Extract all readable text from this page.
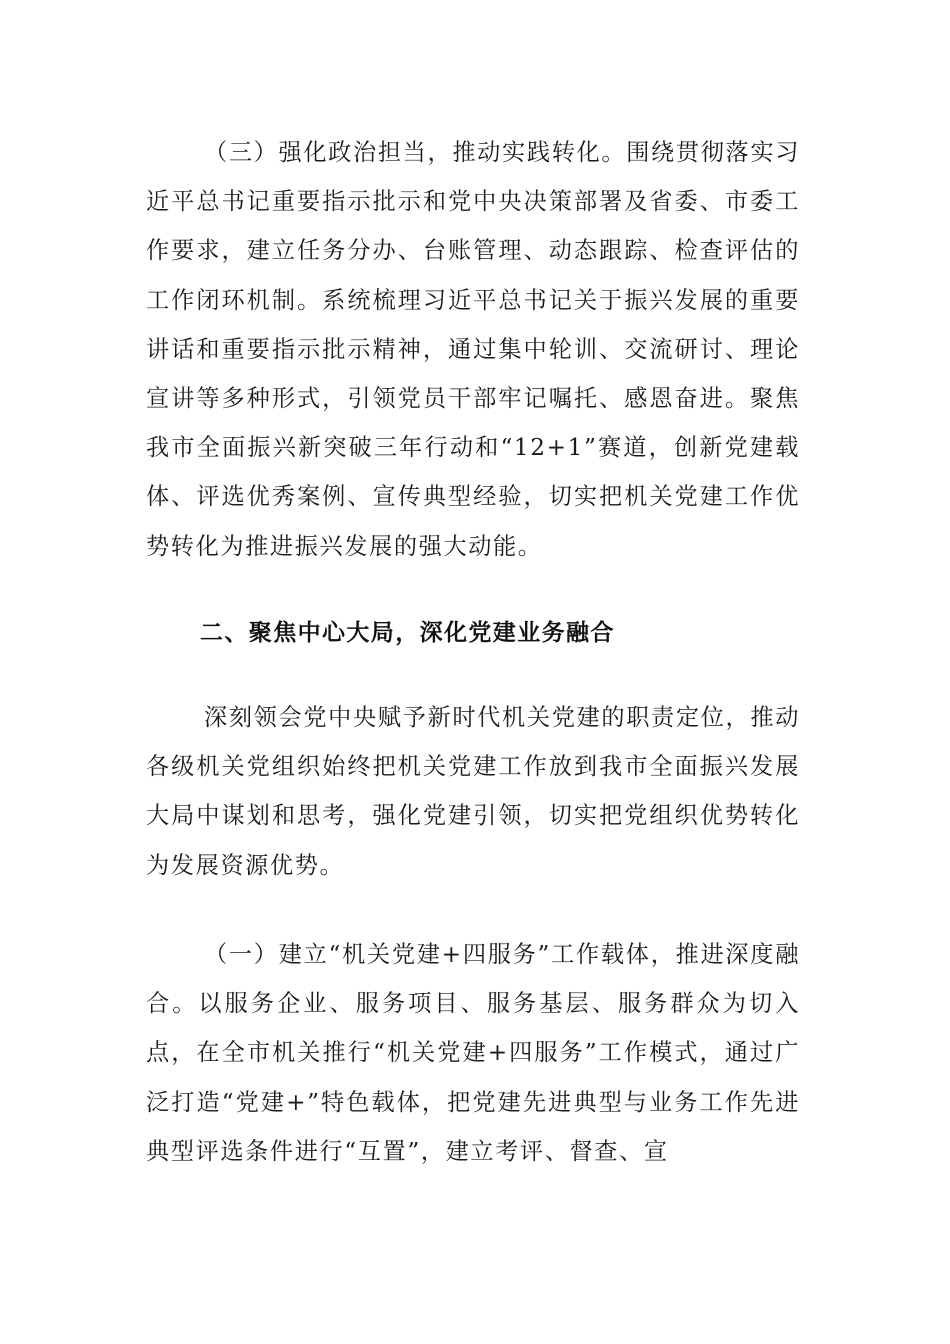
（三）强化政治担当，推动实践转化。围绕贯彻落实习近平总书记重要指示批示和党中央决策部署及省委、市委工作要求，建立任务分办、台账管理、动态跟踪、检查评估的工作闭环机制。系统梳理习近平总书记关于振兴发展的重要讲话和重要指示批示精神，通过集中轮训、交流研讨、理论宣讲等多种形式，引领党员干部牢记嘱托、感恩奋进。聚焦我市全面振兴新突破三年行动和“12+1”赛道，创新党建载体、评选优秀案例、宣传典型经验，切实把机关党建工作优势转化为推进振兴发展的强大动能。

二、聚焦中心大局，深化党建业务融合

深刻领会党中央赋予新时代机关党建的职责定位，推动各级机关党组织始终把机关党建工作放到我市全面振兴发展大局中谋划和思考，强化党建引领，切实把党组织优势转化为发展资源优势。

（一）建立“机关党建+四服务”工作载体，推进深度融合。以服务企业、服务项目、服务基层、服务群众为切入点，在全市机关推行“机关党建+四服务”工作模式，通过广泛打造“党建+”特色载体，把党建先进典型与业务工作先进典型评选条件进行“互置”，建立考评、督查、宣
